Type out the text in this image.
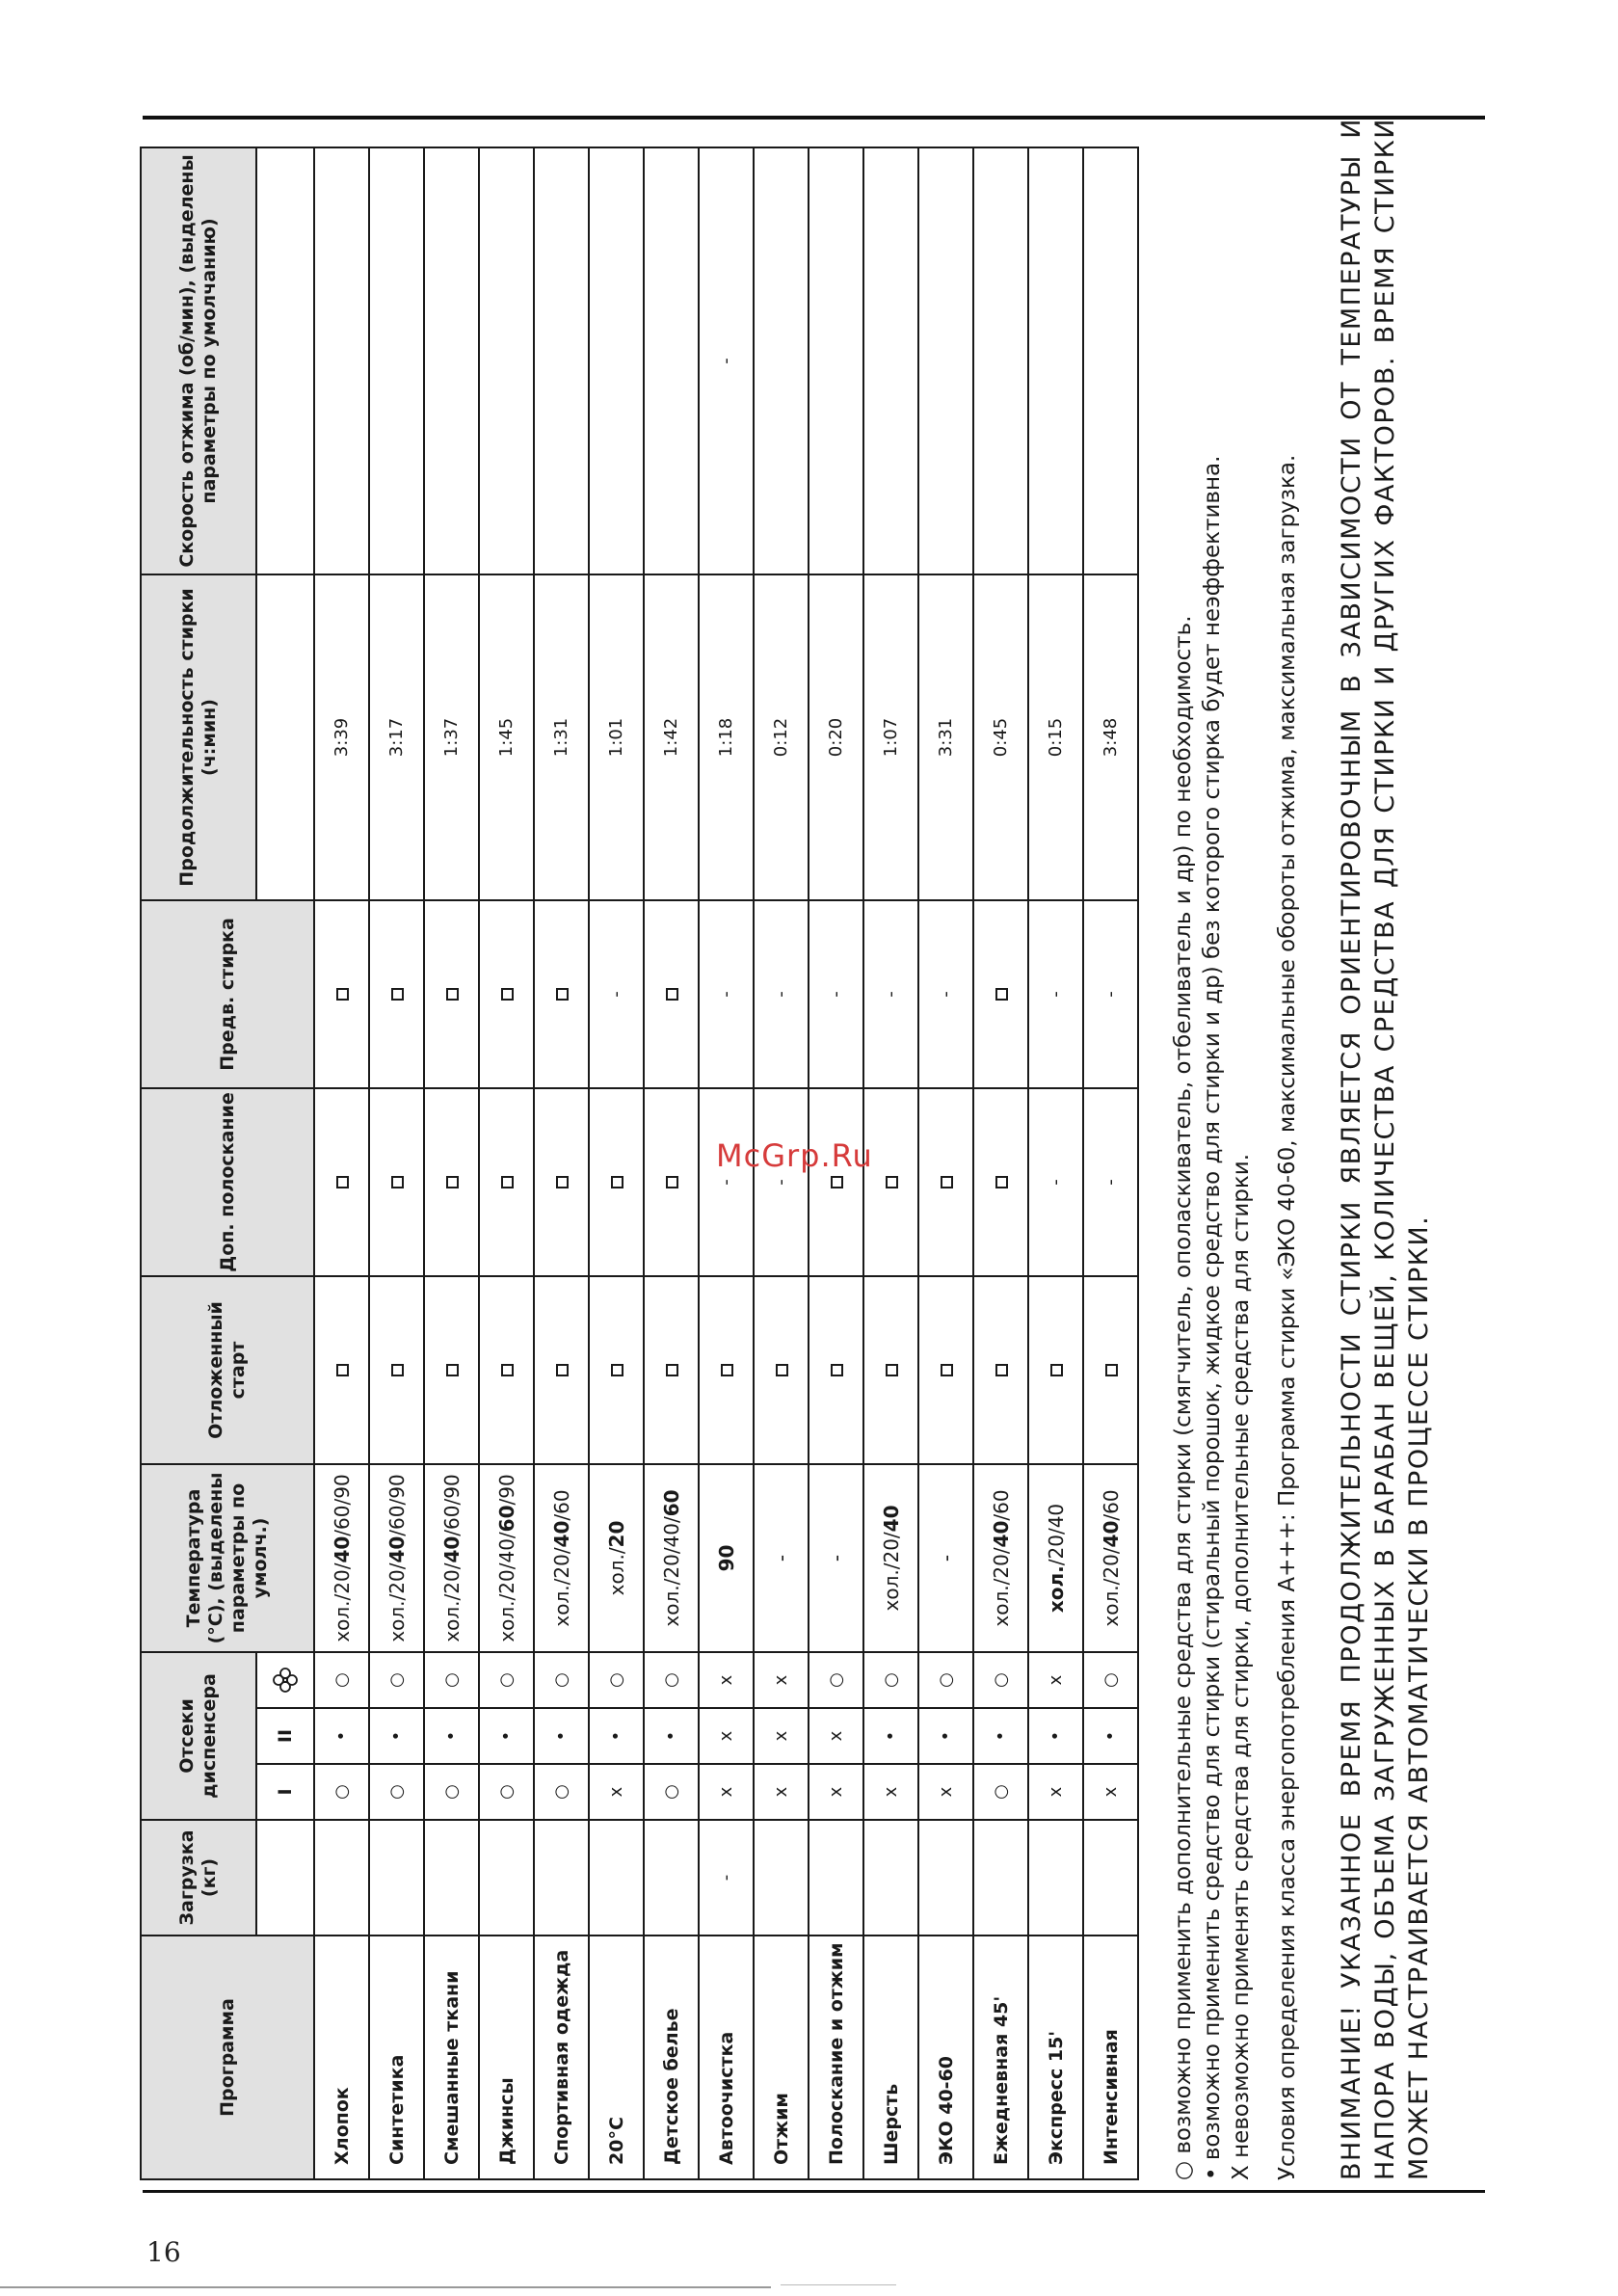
Программа	Загрузка (кг)	Отсеки диспенсера			Температура (°C), (выделены параметры по умолч.)	Отложенный старт	Доп. полоскание	Предв. стирка	Продолжительность стирки (ч:мин)	Скорость отжима (об/мин), (выделены параметры по умолчанию)
		I	II			
Хлопок		○	•	○	хол./20/40/60/90				3:39	
Синтетика		○	•	○	хол./20/40/60/90				3:17	
Смешанные ткани		○	•	○	хол./20/40/60/90				1:37	
Джинсы		○	•	○	хол./20/40/60/90				1:45	
Спортивная одежда		○	•	○	хол./20/40/60				1:31	
20°C		x	•	○	хол./20			-	1:01	
Детское белье		○	•	○	хол./20/40/60				1:42	
Автоочистка	-	x	x	x	90		-	-	1:18	-
Отжим		x	x	x	-		-	-	0:12	
Полоскание и отжим		x	x	○	-			-	0:20	
Шерсть		x	•	○	хол./20/40			-	1:07	
ЭКО 40-60		x	•	○	-			-	3:31	
Ежедневная 45'		○	•	○	хол./20/40/60				0:45	
Экспресс 15'		x	•	x	хол./20/40		-	-	0:15	
Интенсивная		x	•	○	хол./20/40/60		-	-	3:48	○ возможно применить дополнительные средства для стирки (смягчитель, ополаскиватель, отбеливатель и др) по необходимость. • возможно применить средство для стирки (стиральный порошок, жидкое средство для стирки и др) без которого стирка будет неэффективна. Х невозможно применять средства для стирки, дополнительные средства для стирки. Условия определения класса энергопотребления А+++: Программа стирки «ЭКО 40-60, максимальные обороты отжима, максимальная загрузка. ВНИМАНИЕ! УКАЗАННОЕ ВРЕМЯ ПРОДОЛЖИТЕЛЬНОСТИ СТИРКИ ЯВЛЯЕТСЯ ОРИЕНТИРОВОЧНЫМ В ЗАВИСИМОСТИ ОТ ТЕМПЕРАТУРЫ И НАПОРА ВОДЫ, ОБЪЕМА ЗАГРУЖЕННЫХ В БАРАБАН ВЕЩЕЙ, КОЛИЧЕСТВА СРЕДСТВА ДЛЯ СТИРКИ И ДРУГИХ ФАКТОРОВ. ВРЕМЯ СТИРКИ МОЖЕТ НАСТРАИВАЕТСЯ АВТОМАТИЧЕСКИ В ПРОЦЕССЕ СТИРКИ.
McGrp.Ru
16
